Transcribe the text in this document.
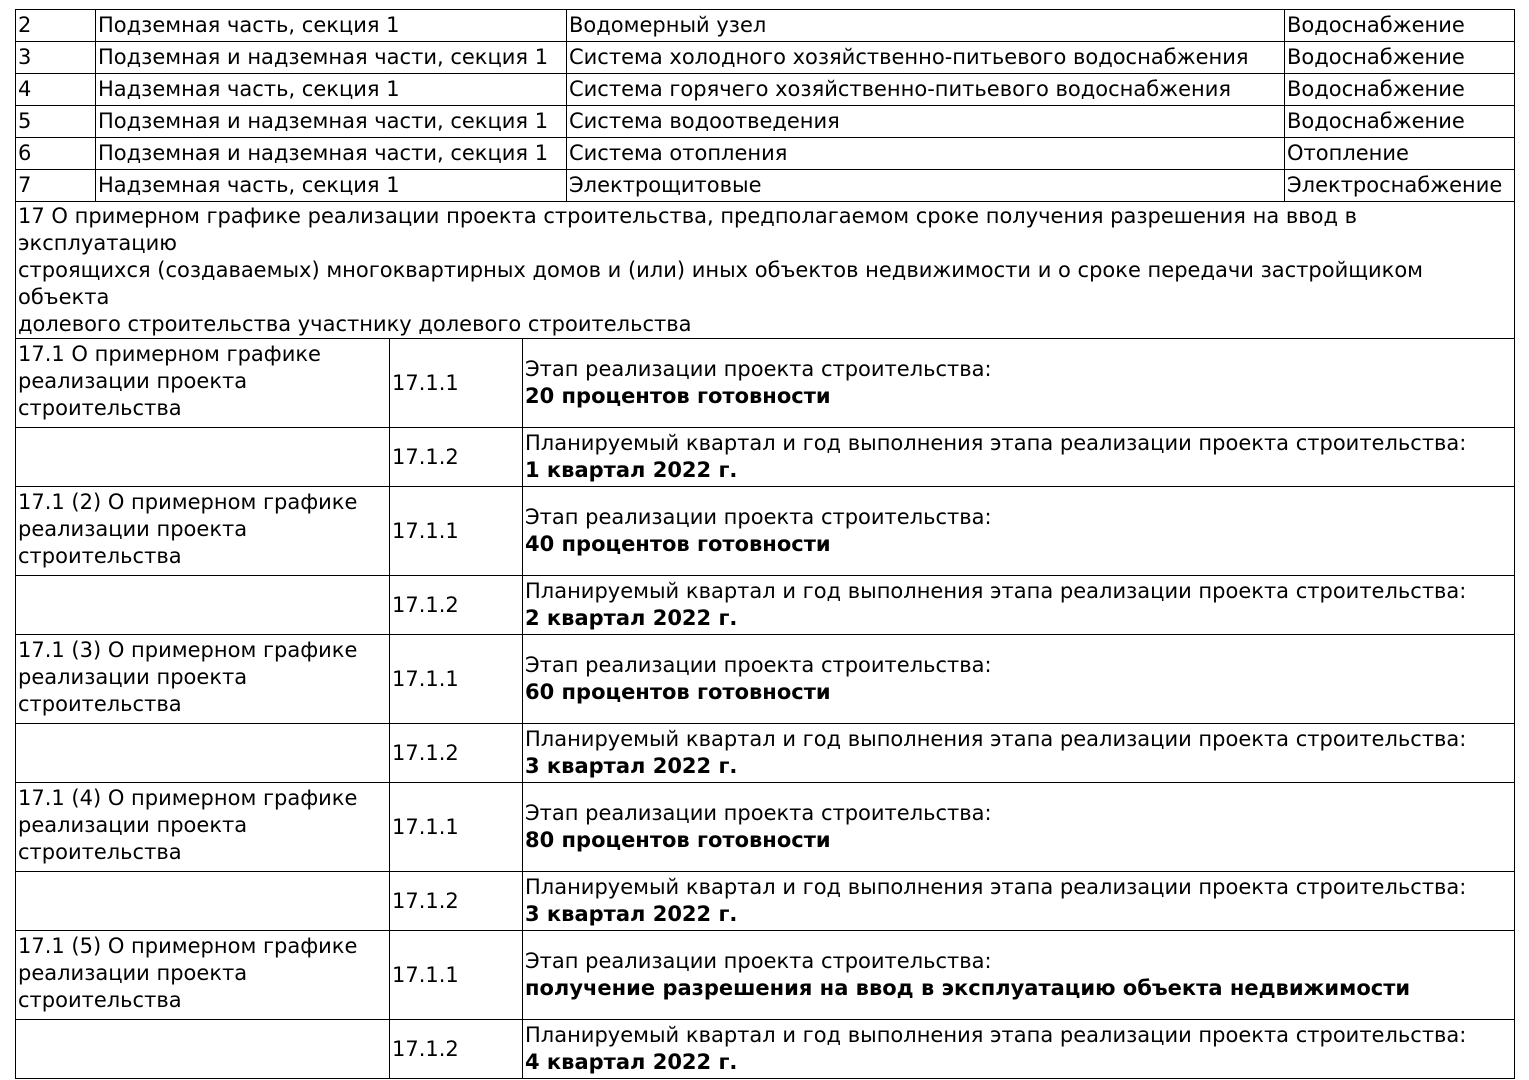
2	Подземная часть, секция 1	Водомерный узел	Водоснабжение
3	Подземная и надземная части, секция 1	Система холодного хозяйственно-питьевого водоснабжения	Водоснабжение
4	Надземная часть, секция 1	Система горячего хозяйственно-питьевого водоснабжения	Водоснабжение
5	Подземная и надземная части, секция 1	Система водоотведения	Водоснабжение
6	Подземная и надземная части, секция 1	Система отопления	Отопление
7	Надземная часть, секция 1	Электрощитовые	Электроснабжение
17 О примерном графике реализации проекта строительства, предполагаемом сроке получения разрешения на ввод в эксплуатацию
строящихся (создаваемых) многоквартирных домов и (или) иных объектов недвижимости и о сроке передачи застройщиком объекта
долевого строительства участнику долевого строительства		

17.1 О примерном графике
реализации проекта
строительства	17.1.1	Этап реализации проекта строительства:
20 процентов готовности

	17.1.2	Планируемый квартал и год выполнения этапа реализации проекта строительства:
1 квартал 2022 г.

17.1 (2) О примерном графике
реализации проекта
строительства	17.1.1	Этап реализации проекта строительства:
40 процентов готовности

	17.1.2	Планируемый квартал и год выполнения этапа реализации проекта строительства:
2 квартал 2022 г.

17.1 (3) О примерном графике
реализации проекта
строительства	17.1.1	Этап реализации проекта строительства:
60 процентов готовности

	17.1.2	Планируемый квартал и год выполнения этапа реализации проекта строительства:
3 квартал 2022 г.

17.1 (4) О примерном графике
реализации проекта
строительства	17.1.1	Этап реализации проекта строительства:
80 процентов готовности

	17.1.2	Планируемый квартал и год выполнения этапа реализации проекта строительства:
3 квартал 2022 г.

17.1 (5) О примерном графике
реализации проекта
строительства	17.1.1	Этап реализации проекта строительства:
получение разрешения на ввод в эксплуатацию объекта недвижимости

	17.1.2	Планируемый квартал и год выполнения этапа реализации проекта строительства:
4 квартал 2022 г.
